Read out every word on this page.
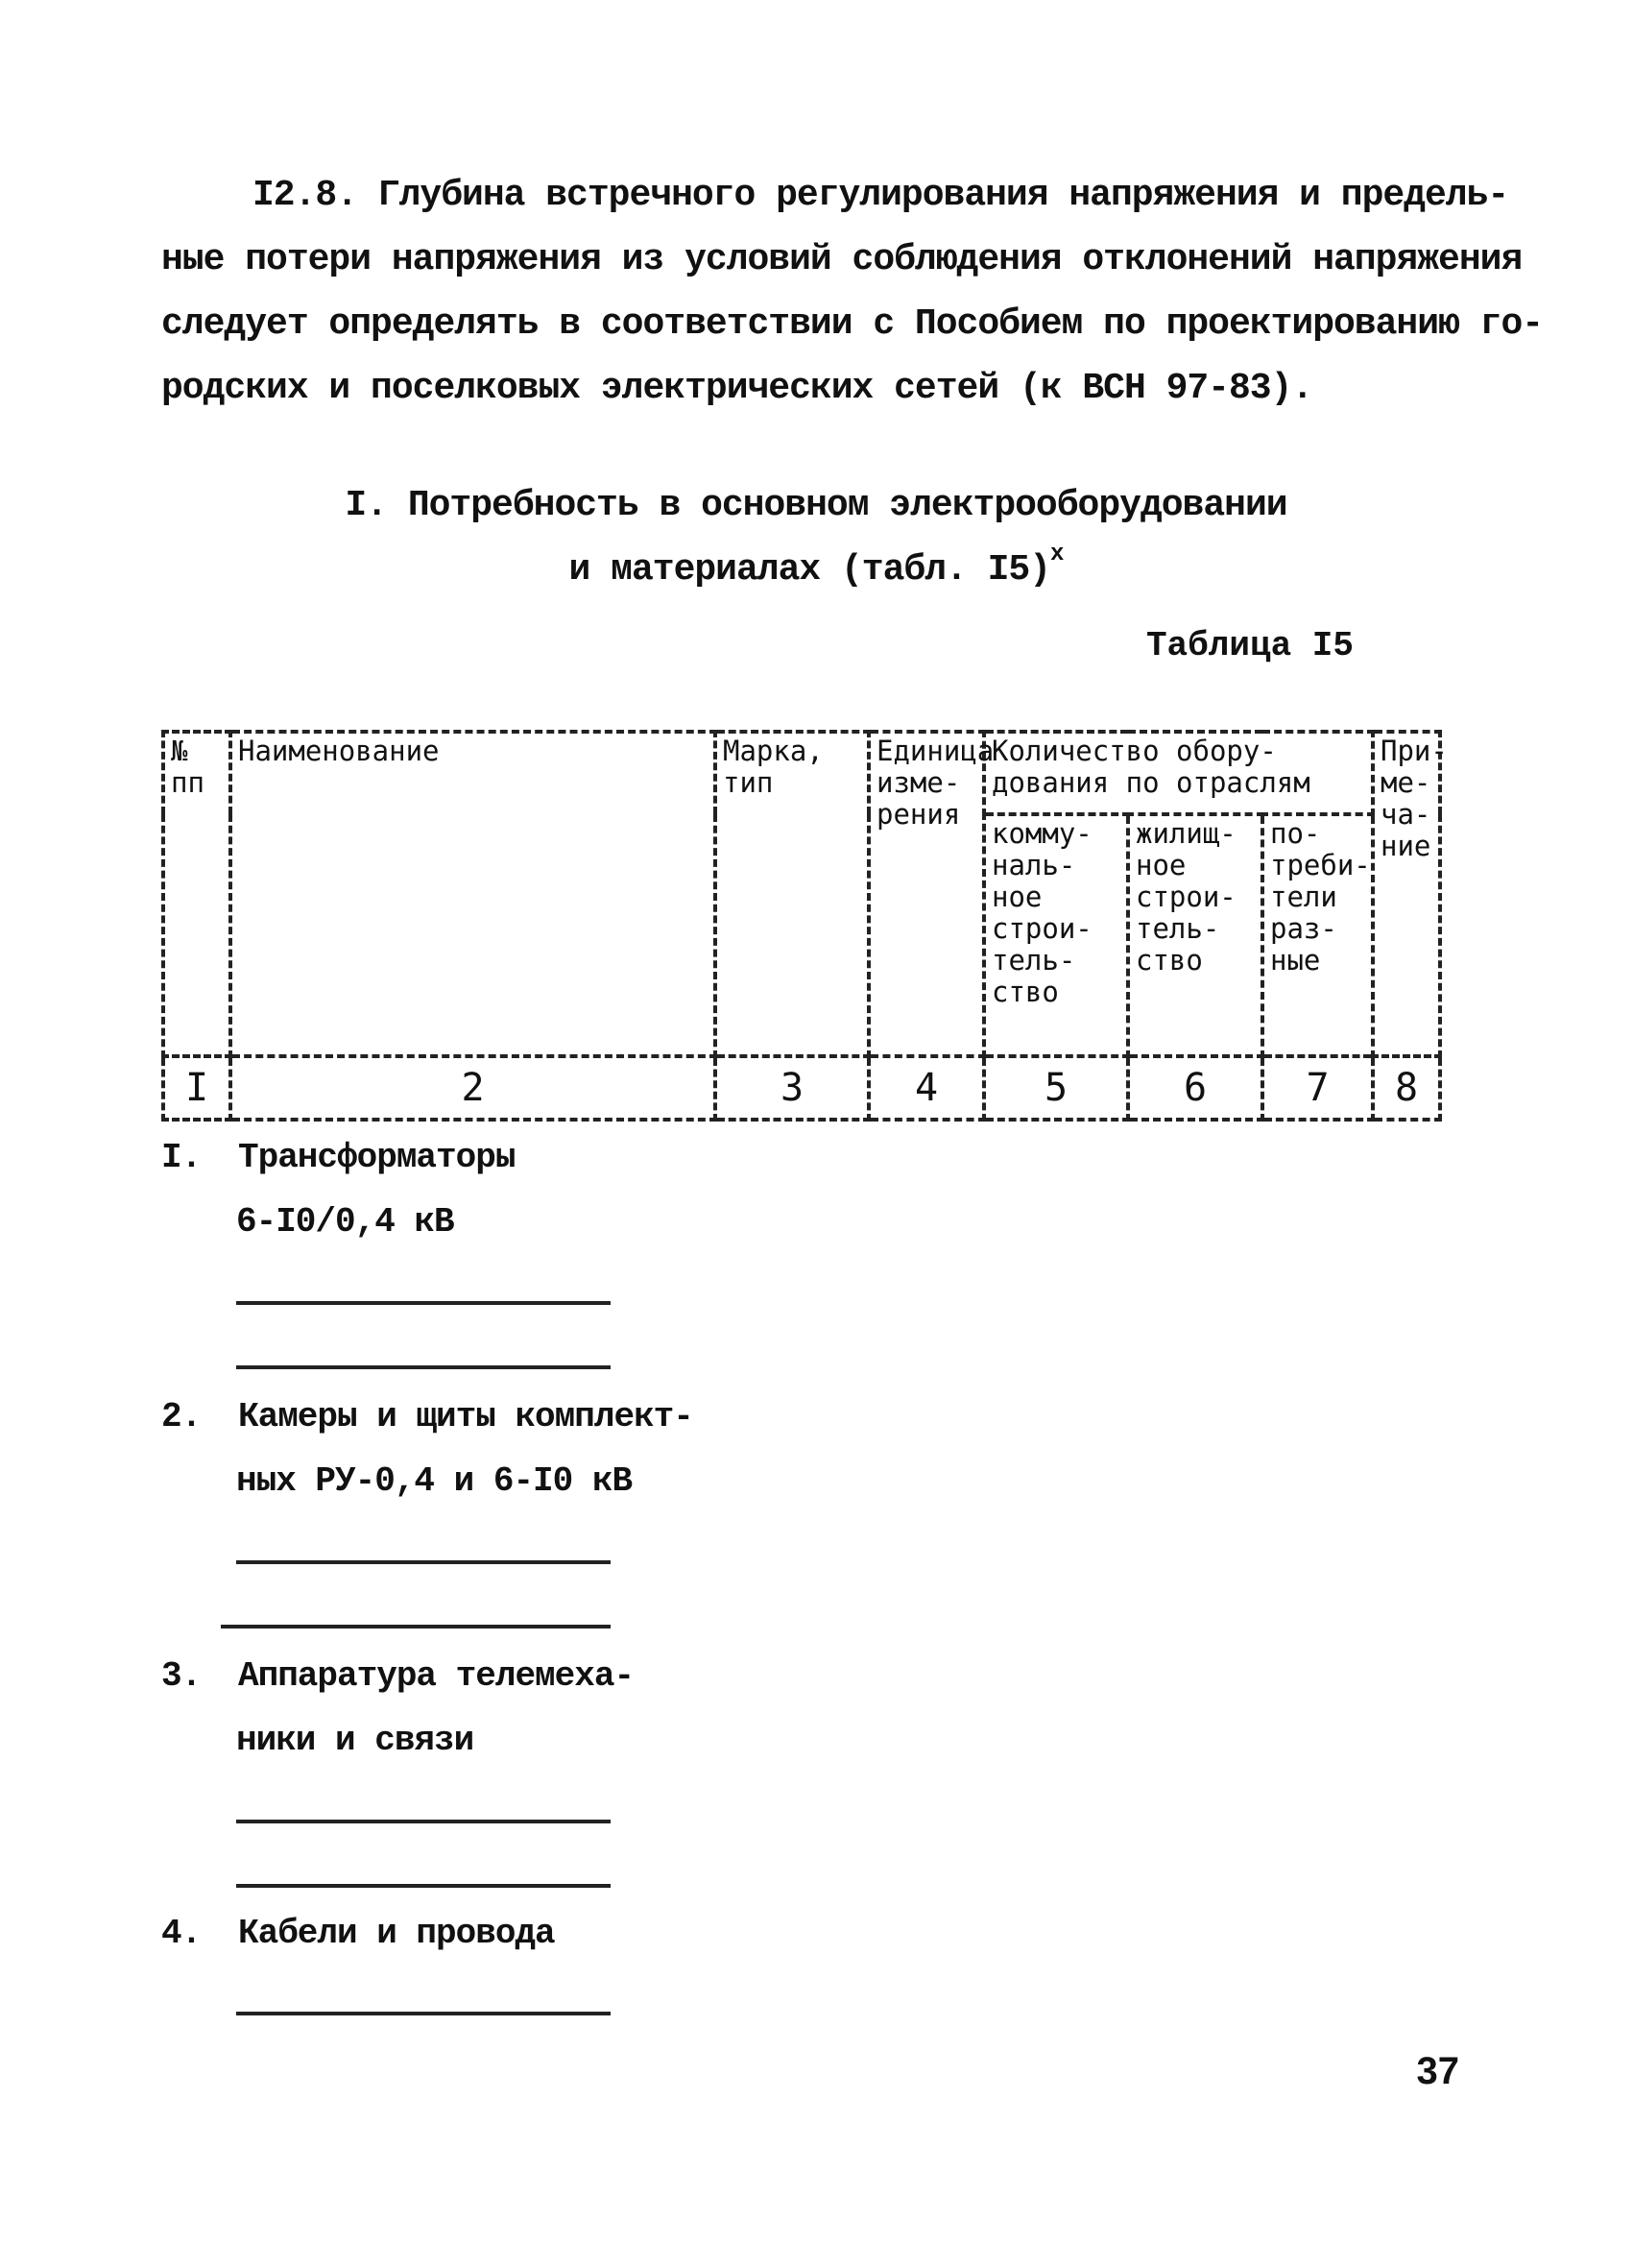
I2.8. Глубина встречного регулирования напряжения и предель-
ные потери напряжения из условий соблюдения отклонений напряжения
следует определять в соответствии с Пособием по проектированию го-
родских и поселковых электрических сетей (к ВСН 97-83).
I. Потребность в основном электрооборудовании
и материалах (табл. I5)$^x$
Таблица I5
№ пп	Наименование	Марка, тип	Единица изме- рения	Количество обору- дования по отраслям			При- ме- ча- ние
				комму- наль- ное строи- тель- ство	жилищ- ное строи- тель- ство	по- треби- тели раз- ные	
I	2	3	4	5	6	7	8
I. Трансформаторы
6-I0/0,4 кВ
2. Камеры и щиты комплект-
ных РУ-0,4 и 6-I0 кВ
3. Аппаратура телемеха-
ники и связи
4. Кабели и провода
37
